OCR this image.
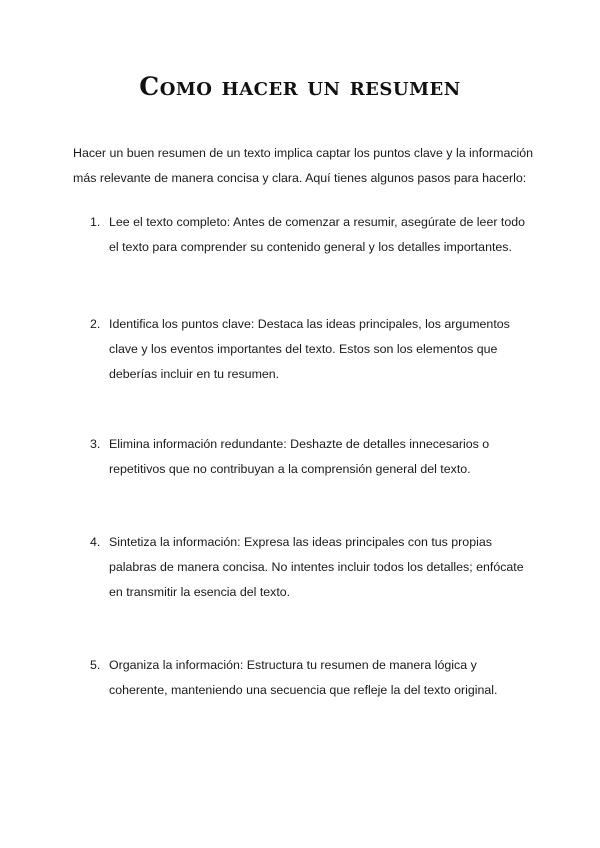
Como hacer un resumen

Hacer un buen resumen de un texto implica captar los puntos clave y la información más relevante de manera concisa y clara. Aquí tienes algunos pasos para hacerlo:

1. Lee el texto completo: Antes de comenzar a resumir, asegúrate de leer todo el texto para comprender su contenido general y los detalles importantes.

2. Identifica los puntos clave: Destaca las ideas principales, los argumentos clave y los eventos importantes del texto. Estos son los elementos que deberías incluir en tu resumen.

3. Elimina información redundante: Deshazte de detalles innecesarios o repetitivos que no contribuyan a la comprensión general del texto.

4. Sintetiza la información: Expresa las ideas principales con tus propias palabras de manera concisa. No intentes incluir todos los detalles; enfócate en transmitir la esencia del texto.

5. Organiza la información: Estructura tu resumen de manera lógica y coherente, manteniendo una secuencia que refleje la del texto original.
